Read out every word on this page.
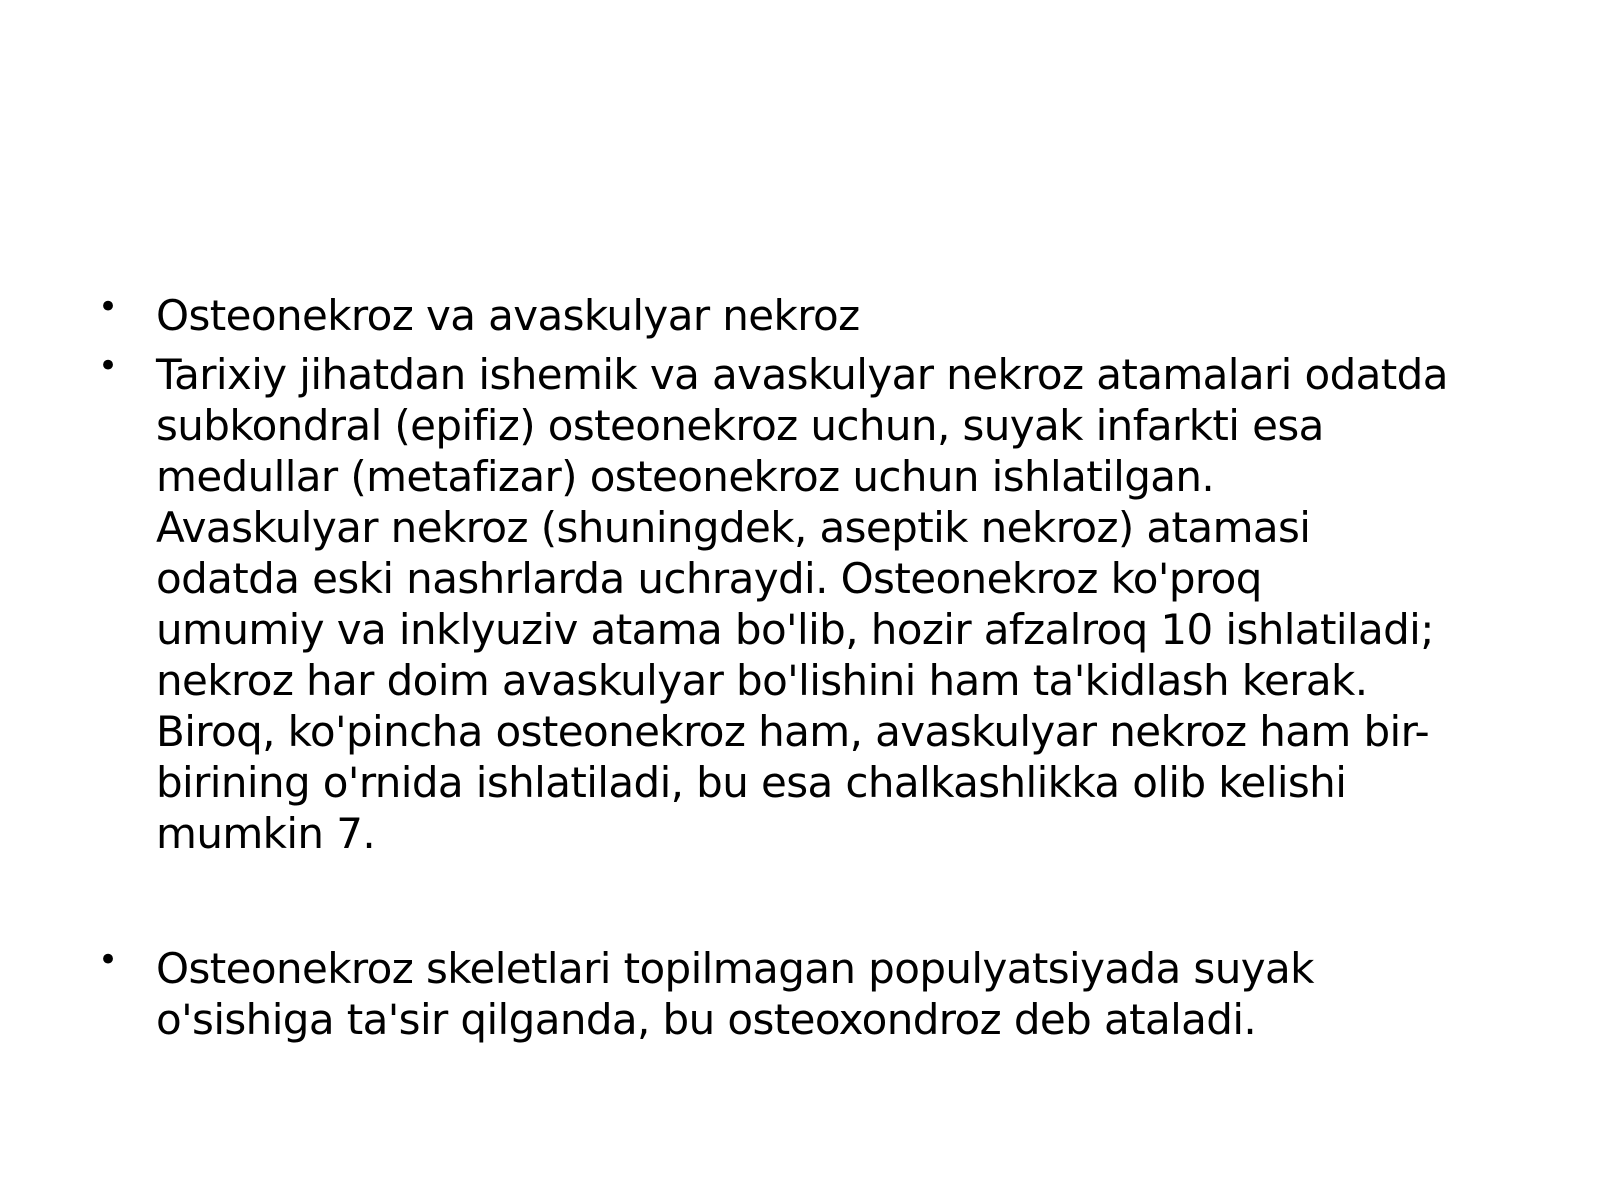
• Osteonekroz va avaskulyar nekroz
• Tarixiy jihatdan ishemik va avaskulyar nekroz atamalari odatda
subkondral (epifiz) osteonekroz uchun, suyak infarkti esa
medullar (metafizar) osteonekroz uchun ishlatilgan.
Avaskulyar nekroz (shuningdek, aseptik nekroz) atamasi
odatda eski nashrlarda uchraydi. Osteonekroz ko'proq
umumiy va inklyuziv atama bo'lib, hozir afzalroq 10 ishlatiladi;
nekroz har doim avaskulyar bo'lishini ham ta'kidlash kerak.
Biroq, ko'pincha osteonekroz ham, avaskulyar nekroz ham bir-
birining o'rnida ishlatiladi, bu esa chalkashlikka olib kelishi
mumkin 7.
• Osteonekroz skeletlari topilmagan populyatsiyada suyak
o'sishiga ta'sir qilganda, bu osteoxondroz deb ataladi.
